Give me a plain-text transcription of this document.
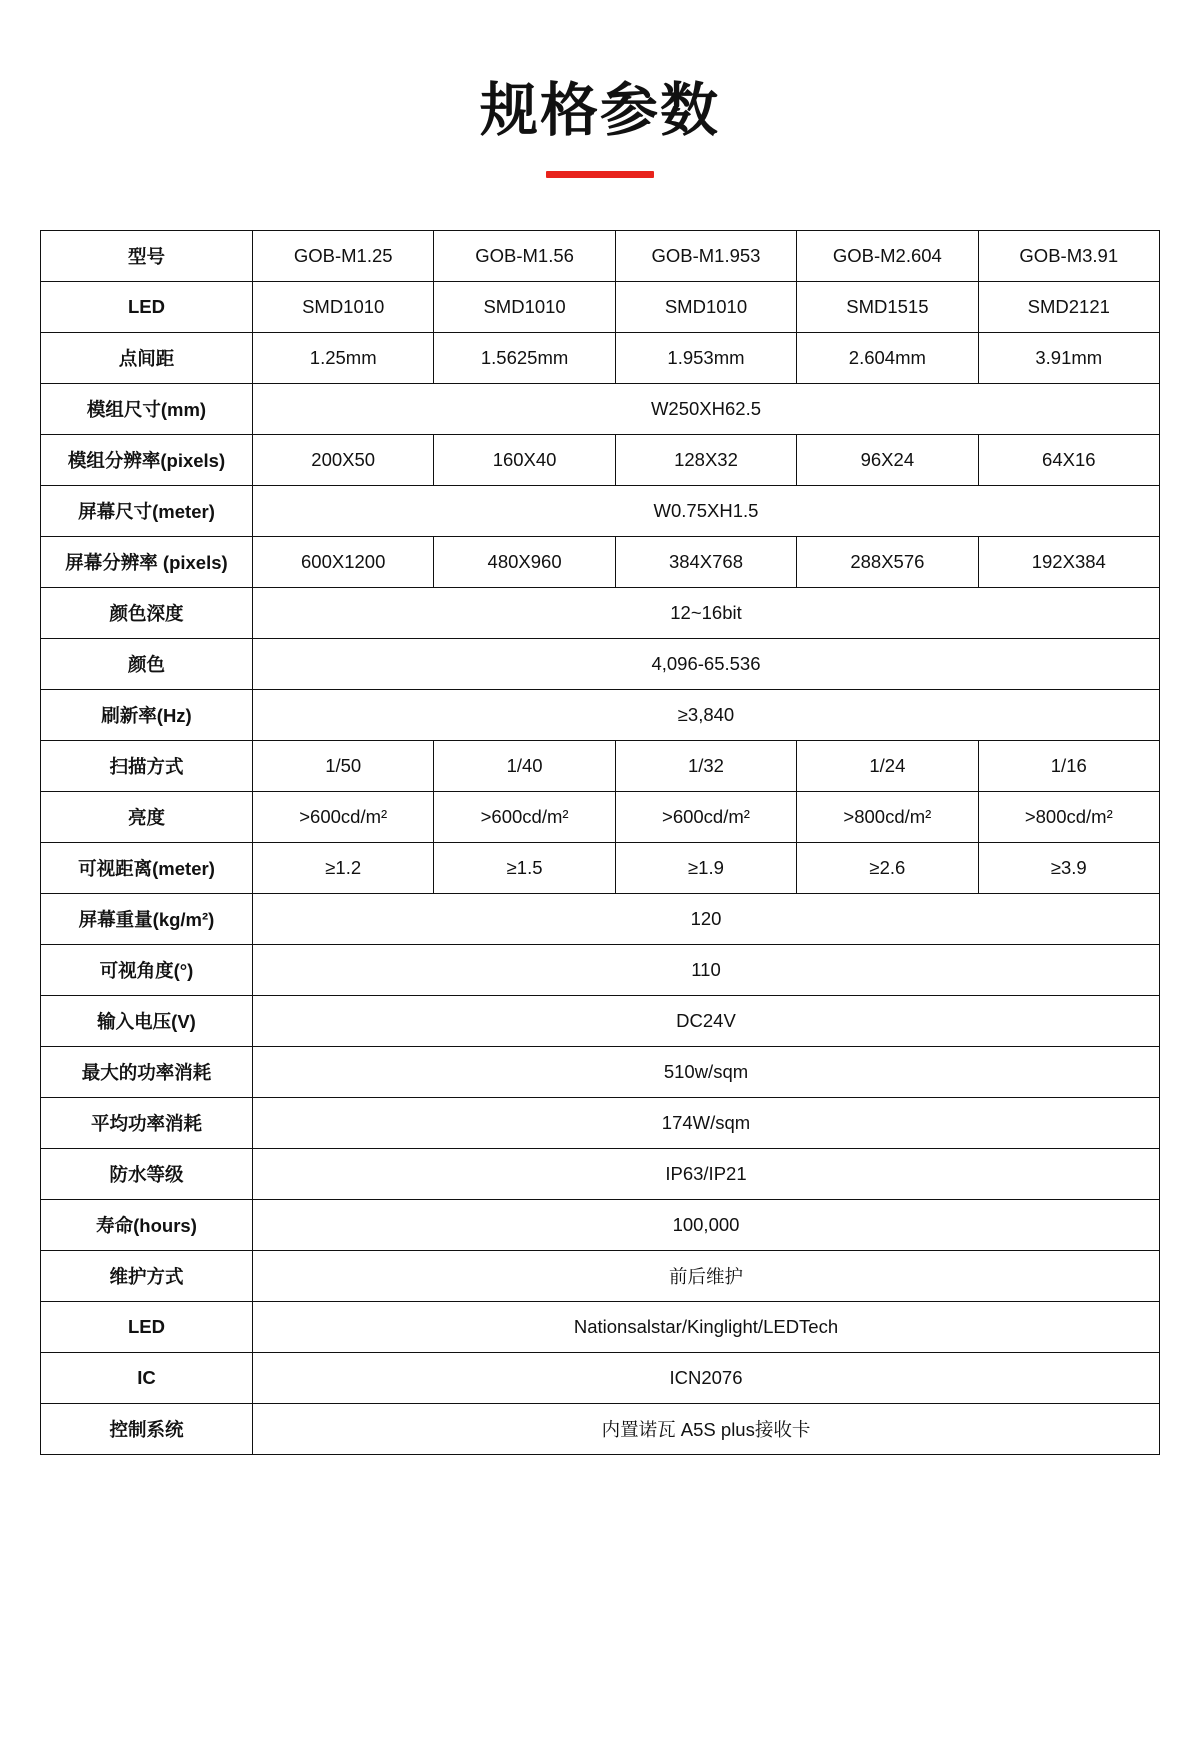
规格参数
型号	GOB-M1.25	GOB-M1.56	GOB-M1.953	GOB-M2.604	GOB-M3.91
LED	SMD1010	SMD1010	SMD1010	SMD1515	SMD2121
点间距	1.25mm	1.5625mm	1.953mm	2.604mm	3.91mm
模组尺寸(mm)	W250XH62.5				
模组分辨率(pixels)	200X50	160X40	128X32	96X24	64X16
屏幕尺寸(meter)	W0.75XH1.5				
屏幕分辨率 (pixels)	600X1200	480X960	384X768	288X576	192X384
颜色深度	12~16bit				
颜色	4,096-65.536				
刷新率(Hz)	≥3,840				
扫描方式	1/50	1/40	1/32	1/24	1/16
亮度	>600cd/m²	>600cd/m²	>600cd/m²	>800cd/m²	>800cd/m²
可视距离(meter)	≥1.2	≥1.5	≥1.9	≥2.6	≥3.9
屏幕重量(kg/m²)	120				
可视角度(°)	110				
输入电压(V)	DC24V				
最大的功率消耗	510w/sqm				
平均功率消耗	174W/sqm				
防水等级	IP63/IP21				
寿命(hours)	100,000				
维护方式	前后维护				
LED	Nationsalstar/Kinglight/LEDTech				
IC	ICN2076				
控制系统	内置诺瓦 A5S plus接收卡				
